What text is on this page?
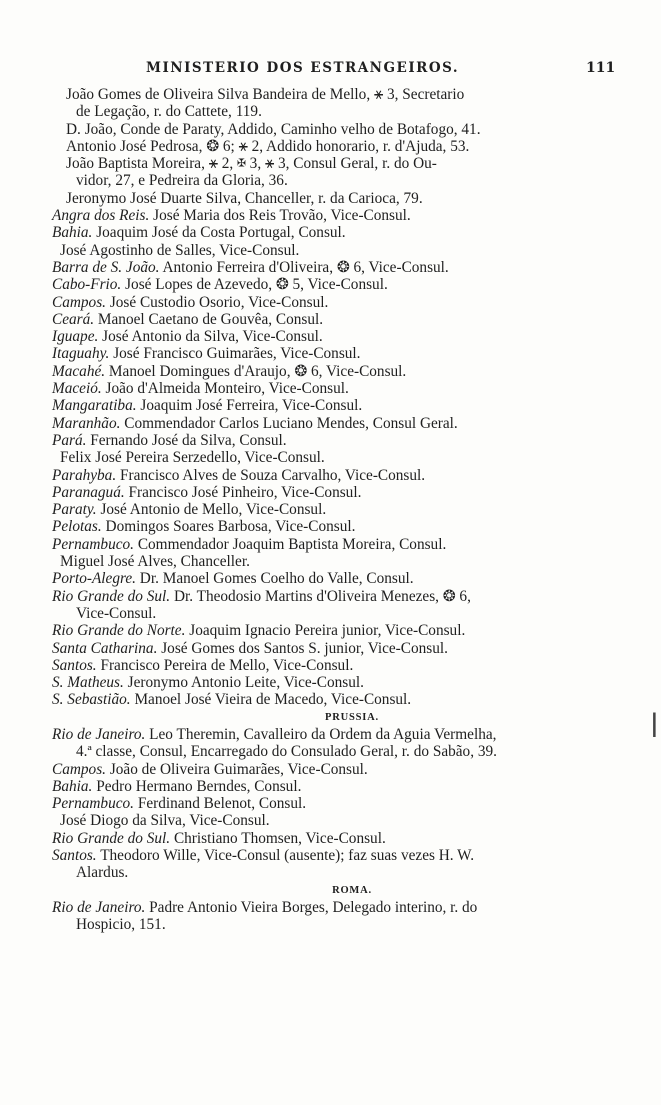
MINISTERIO DOS ESTRANGEIROS.	111
João Gomes de Oliveira Silva Bandeira de Mello, ⚹ 3, Secretario
de Legação, r. do Cattete, 119.
D. João, Conde de Paraty, Addido, Caminho velho de Botafogo, 41.
Antonio José Pedrosa, ❂ 6; ⚹ 2, Addido honorario, r. d'Ajuda, 53.
João Baptista Moreira, ⚹ 2, ✠ 3, ⚹ 3, Consul Geral, r. do Ou-
vidor, 27, e Pedreira da Gloria, 36.
Jeronymo José Duarte Silva, Chanceller, r. da Carioca, 79.
Angra dos Reis. José Maria dos Reis Trovão, Vice-Consul.
Bahia. Joaquim José da Costa Portugal, Consul.
José Agostinho de Salles, Vice-Consul.
Barra de S. João. Antonio Ferreira d'Oliveira, ❂ 6, Vice-Consul.
Cabo-Frio. José Lopes de Azevedo, ❂ 5, Vice-Consul.
Campos. José Custodio Osorio, Vice-Consul.
Ceará. Manoel Caetano de Gouvêa, Consul.
Iguape. José Antonio da Silva, Vice-Consul.
Itaguahy. José Francisco Guimarães, Vice-Consul.
Macahé. Manoel Domingues d'Araujo, ❂ 6, Vice-Consul.
Maceió. João d'Almeida Monteiro, Vice-Consul.
Mangaratiba. Joaquim José Ferreira, Vice-Consul.
Maranhão. Commendador Carlos Luciano Mendes, Consul Geral.
Pará. Fernando José da Silva, Consul.
Felix José Pereira Serzedello, Vice-Consul.
Parahyba. Francisco Alves de Souza Carvalho, Vice-Consul.
Paranaguá. Francisco José Pinheiro, Vice-Consul.
Paraty. José Antonio de Mello, Vice-Consul.
Pelotas. Domingos Soares Barbosa, Vice-Consul.
Pernambuco. Commendador Joaquim Baptista Moreira, Consul.
Miguel José Alves, Chanceller.
Porto-Alegre. Dr. Manoel Gomes Coelho do Valle, Consul.
Rio Grande do Sul. Dr. Theodosio Martins d'Oliveira Menezes, ❂ 6,
Vice-Consul.
Rio Grande do Norte. Joaquim Ignacio Pereira junior, Vice-Consul.
Santa Catharina. José Gomes dos Santos S. junior, Vice-Consul.
Santos. Francisco Pereira de Mello, Vice-Consul.
S. Matheus. Jeronymo Antonio Leite, Vice-Consul.
S. Sebastião. Manoel José Vieira de Macedo, Vice-Consul.
PRUSSIA.
Rio de Janeiro. Leo Theremin, Cavalleiro da Ordem da Aguia Vermelha,
4.ª classe, Consul, Encarregado do Consulado Geral, r. do Sabão, 39.
Campos. João de Oliveira Guimarães, Vice-Consul.
Bahia. Pedro Hermano Berndes, Consul.
Pernambuco. Ferdinand Belenot, Consul.
José Diogo da Silva, Vice-Consul.
Rio Grande do Sul. Christiano Thomsen, Vice-Consul.
Santos. Theodoro Wille, Vice-Consul (ausente); faz suas vezes H. W.
Alardus.
ROMA.
Rio de Janeiro. Padre Antonio Vieira Borges, Delegado interino, r. do
Hospicio, 151.
|
